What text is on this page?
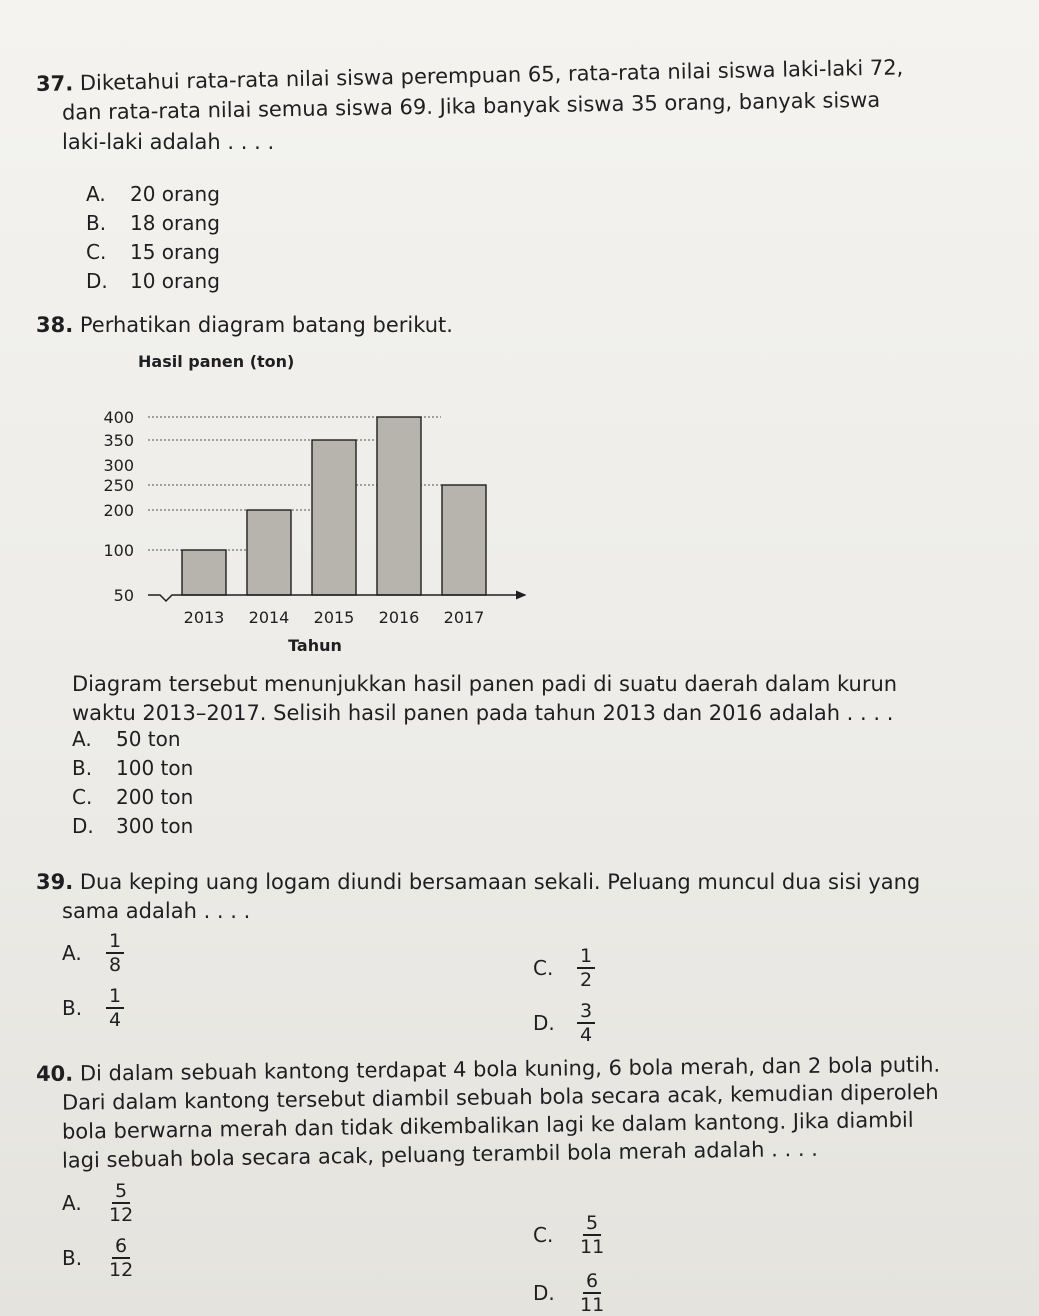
37. Diketahui rata-rata nilai siswa perempuan 65, rata-rata nilai siswa laki-laki 72,
dan rata-rata nilai semua siswa 69. Jika banyak siswa 35 orang, banyak siswa
laki-laki adalah . . . .
A. 20 orang
B. 18 orang
C. 15 orang
D. 10 orang
38. Perhatikan diagram batang berikut.
Hasil panen (ton)
50
100
200
250
300
350
400
2013 2014 2015 2016 2017
Tahun
Diagram tersebut menunjukkan hasil panen padi di suatu daerah dalam kurun
waktu 2013–2017. Selisih hasil panen pada tahun 2013 dan 2016 adalah . . . .
A. 50 ton
B. 100 ton
C. 200 ton
D. 300 ton
39. Dua keping uang logam diundi bersamaan sekali. Peluang muncul dua sisi yang
sama adalah . . . .
A.	$\frac{1}{8}$
B.	$\frac{1}{4}$
C.	$\frac{1}{2}$
D.	$\frac{3}{4}$
40. Di dalam sebuah kantong terdapat 4 bola kuning, 6 bola merah, dan 2 bola putih.
Dari dalam kantong tersebut diambil sebuah bola secara acak, kemudian diperoleh
bola berwarna merah dan tidak dikembalikan lagi ke dalam kantong. Jika diambil
lagi sebuah bola secara acak, peluang terambil bola merah adalah . . . .
A.	$\frac{5}{12}$
B.	$\frac{6}{12}$	C.	$\frac{5}{11}$
D.	$\frac{6}{11}$
